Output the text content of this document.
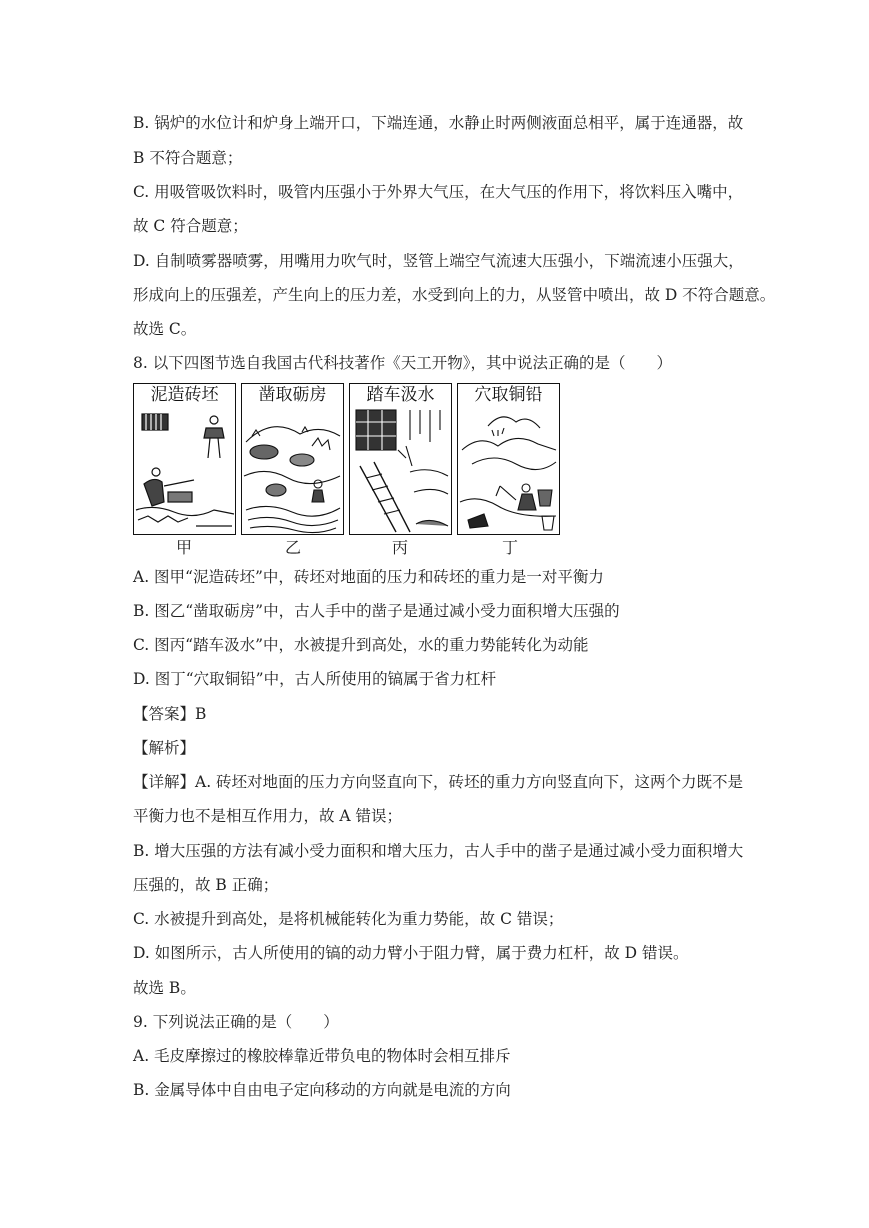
B. 锅炉的水位计和炉身上端开口，下端连通，水静止时两侧液面总相平，属于连通器，故
B 不符合题意；
C. 用吸管吸饮料时，吸管内压强小于外界大气压，在大气压的作用下，将饮料压入嘴中，
故 C 符合题意；
D. 自制喷雾器喷雾，用嘴用力吹气时，竖管上端空气流速大压强小，下端流速小压强大，
形成向上的压强差，产生向上的压力差，水受到向上的力，从竖管中喷出，故 D 不符合题意。
故选 C。
8. 以下四图节选自我国古代科技著作《天工开物》，其中说法正确的是（　　）
泥造砖坯	凿取砺房	踏车汲水	穴取铜铅
甲	乙	丙	丁
A. 图甲“泥造砖坯”中，砖坯对地面的压力和砖坯的重力是一对平衡力
B. 图乙“凿取砺房”中，古人手中的凿子是通过减小受力面积增大压强的
C. 图丙“踏车汲水”中，水被提升到高处，水的重力势能转化为动能
D. 图丁“穴取铜铅”中，古人所使用的镐属于省力杠杆
【答案】B
【解析】
【详解】A. 砖坯对地面的压力方向竖直向下，砖坯的重力方向竖直向下，这两个力既不是
平衡力也不是相互作用力，故 A 错误；
B. 增大压强的方法有减小受力面积和增大压力，古人手中的凿子是通过减小受力面积增大
压强的，故 B 正确；
C. 水被提升到高处，是将机械能转化为重力势能，故 C 错误；
D. 如图所示，古人所使用的镐的动力臂小于阻力臂，属于费力杠杆，故 D 错误。
故选 B。
9. 下列说法正确的是（　　）
A. 毛皮摩擦过的橡胶棒靠近带负电的物体时会相互排斥
B. 金属导体中自由电子定向移动的方向就是电流的方向
